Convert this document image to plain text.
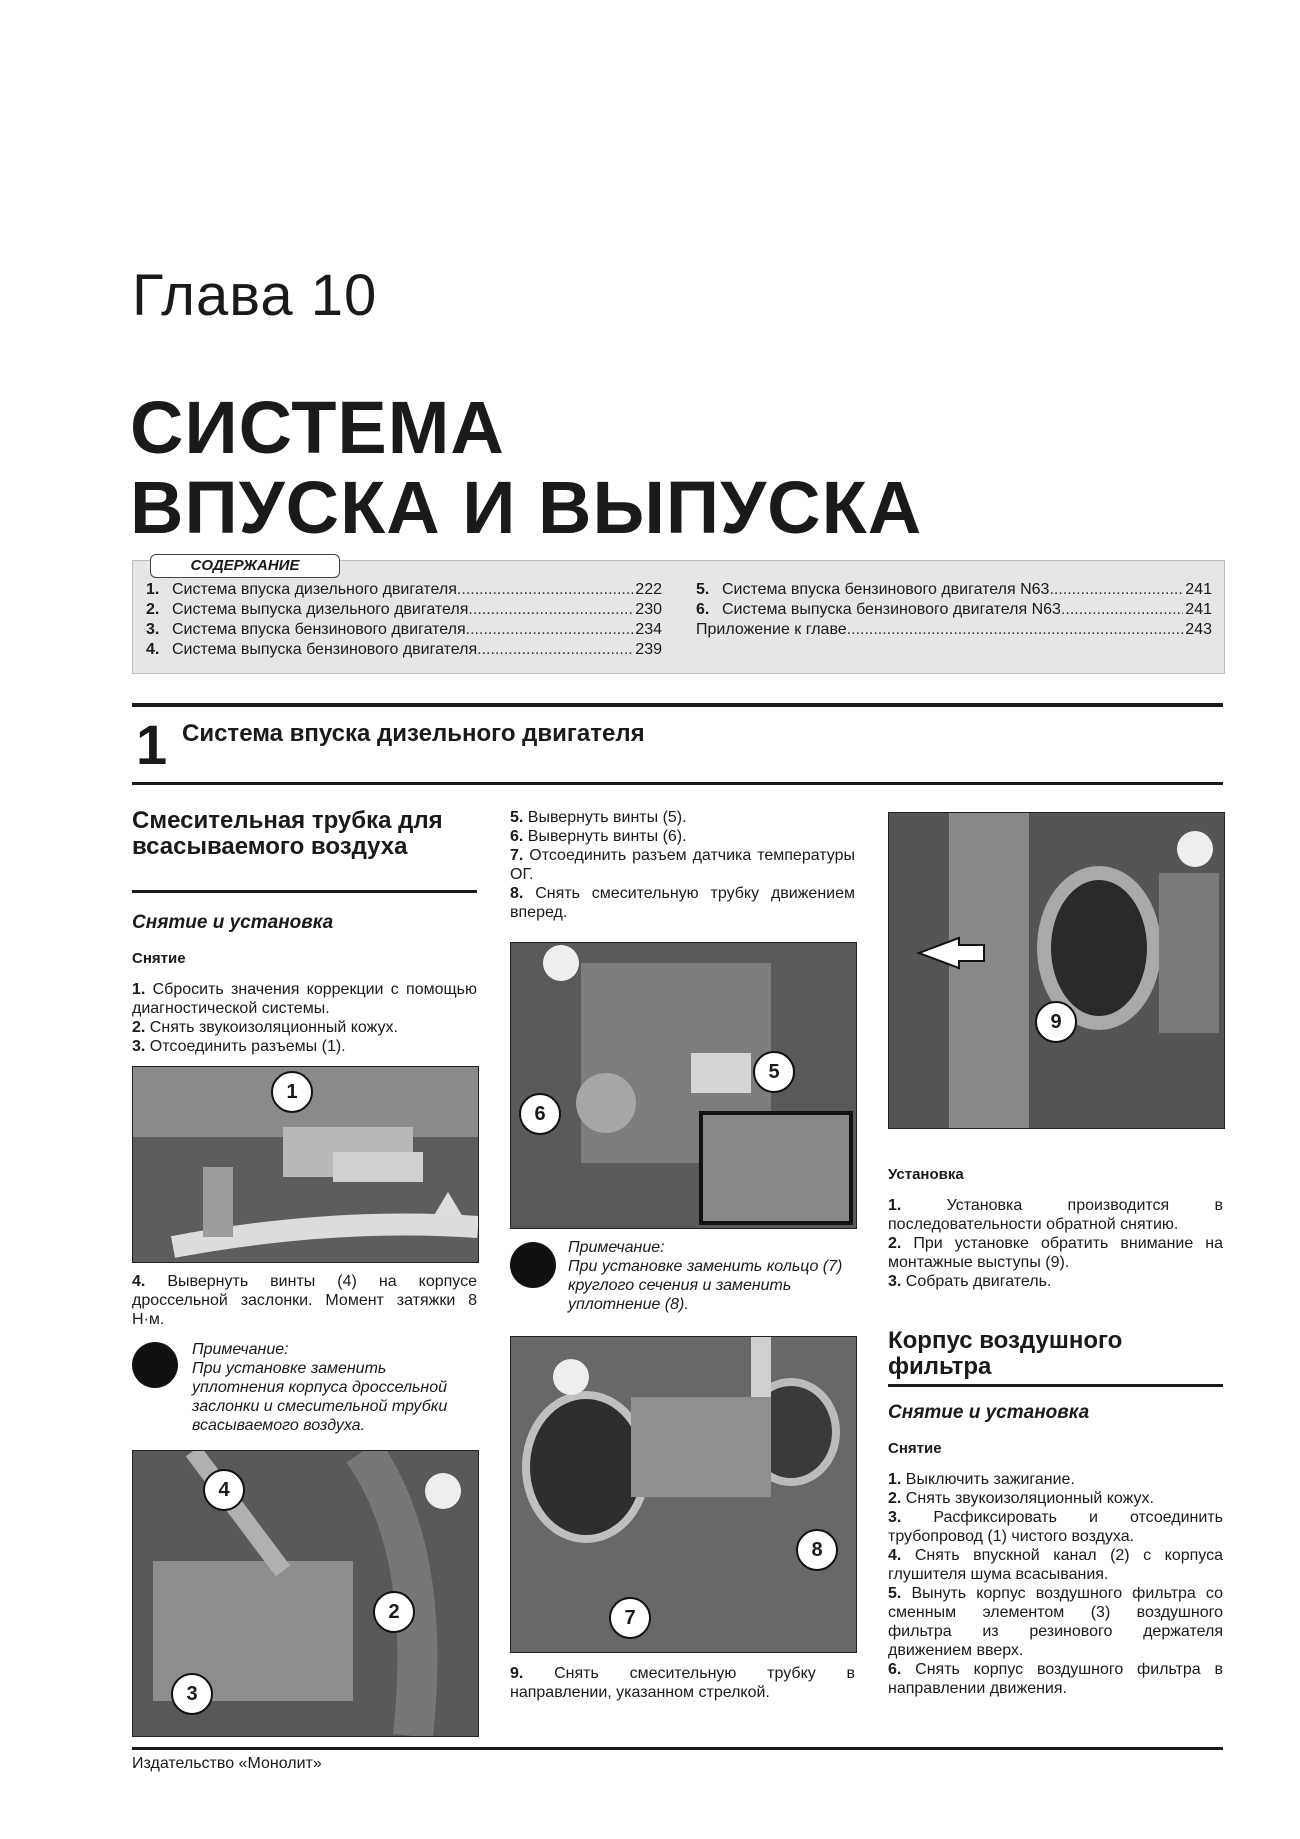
Глава 10
СИСТЕМА
ВПУСКА И ВЫПУСКА
СОДЕРЖАНИЕ
1. Система впуска дизельного двигателя .....	222
2. Система выпуска дизельного двигателя .....	230
3. Система впуска бензинового двигателя .....	234
4. Система выпуска бензинового двигателя .....	239
5. Система впуска бензинового двигателя N63 .....	241
6. Система выпуска бензинового двигателя N63 .....	241
Приложение к главе .....	243
1 Система впуска дизельного двигателя
Смесительная трубка для всасываемого воздуха
Снятие и установка
Снятие
1. Сбросить значения коррекции с помощью диагностической системы.
2. Снять звукоизоляционный кожух.
3. Отсоединить разъемы (1).
1
4. Вывернуть винты (4) на корпусе дроссельной заслонки. Момент затяжки 8 Н·м.
Примечание:
При установке заменить уплотнения корпуса дроссельной заслонки и смесительной трубки всасываемого воздуха.
4
2
3
5. Вывернуть винты (5).
6. Вывернуть винты (6).
7. Отсоединить разъем датчика температуры ОГ.
8. Снять смесительную трубку движением вперед.
5
6
Примечание:
При установке заменить кольцо (7) круглого сечения и заменить уплотнение (8).
7
8
9. Снять смесительную трубку в направлении, указанном стрелкой.
9
Установка
1.	Установка производится в последовательности обратной снятию.
2. При установке обратить внимание на монтажные выступы (9).
3. Собрать двигатель.
Корпус воздушного фильтра
Снятие и установка
Снятие
1. Выключить зажигание.
2. Снять звукоизоляционный кожух.
3. Расфиксировать и отсоединить трубопровод (1) чистого воздуха.
4. Снять впускной канал (2) с корпуса глушителя шума всасывания.
5. Вынуть корпус воздушного фильтра со сменным элементом (3) воздушного фильтра из резинового держателя движением вверх.
6. Снять корпус воздушного фильтра в направлении движения.
Издательство «Монолит»
